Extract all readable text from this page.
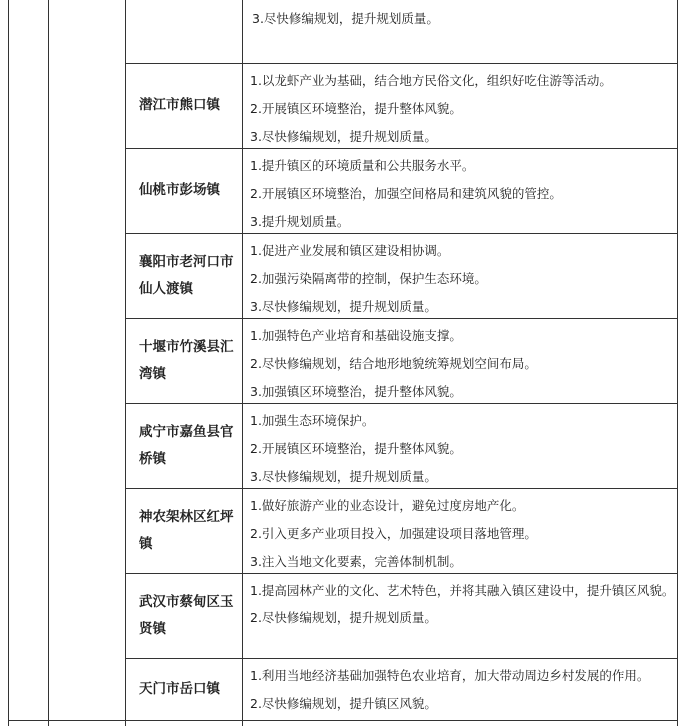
3.尽快修编规划，提升规划质量。
潜江市熊口镇
1.以龙虾产业为基础，结合地方民俗文化，组织好吃住游等活动。
2.开展镇区环境整治，提升整体风貌。
3.尽快修编规划，提升规划质量。
仙桃市彭场镇
1.提升镇区的环境质量和公共服务水平。
2.开展镇区环境整治，加强空间格局和建筑风貌的管控。
3.提升规划质量。
襄阳市老河口市仙人渡镇
1.促进产业发展和镇区建设相协调。
2.加强污染隔离带的控制，保护生态环境。
3.尽快修编规划，提升规划质量。
十堰市竹溪县汇湾镇
1.加强特色产业培育和基础设施支撑。
2.尽快修编规划，结合地形地貌统筹规划空间布局。
3.加强镇区环境整治，提升整体风貌。
咸宁市嘉鱼县官桥镇
1.加强生态环境保护。
2.开展镇区环境整治，提升整体风貌。
3.尽快修编规划，提升规划质量。
神农架林区红坪镇
1.做好旅游产业的业态设计，避免过度房地产化。
2.引入更多产业项目投入，加强建设项目落地管理。
3.注入当地文化要素，完善体制机制。
武汉市蔡甸区玉贤镇
1.提高园林产业的文化、艺术特色，并将其融入镇区建设中，提升镇区风貌。
2.尽快修编规划，提升规划质量。
天门市岳口镇
1.利用当地经济基础加强特色农业培育，加大带动周边乡村发展的作用。
2.尽快修编规划，提升镇区风貌。
